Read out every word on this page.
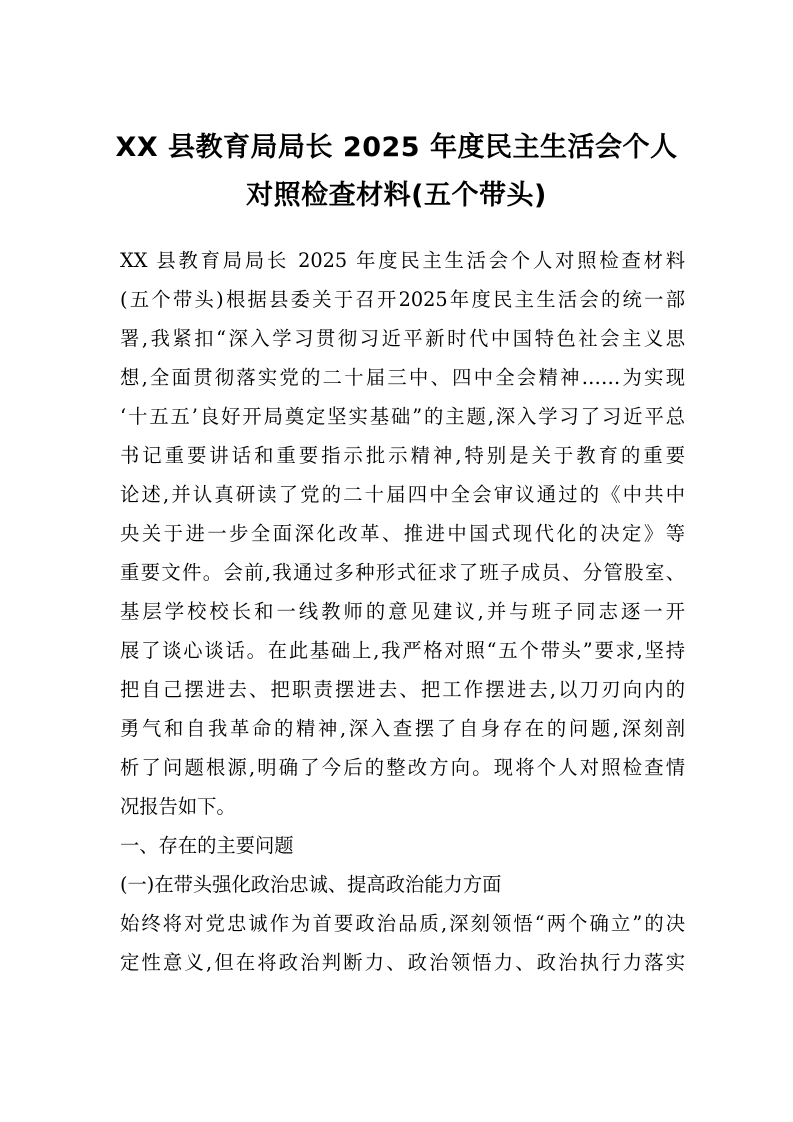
XX 县教育局局长 2025 年度民主生活会个人
对照检查材料(五个带头)
XX 县教育局局长 2025 年度民主生活会个人对照检查材料
(五个带头)根据县委关于召开2025年度民主生活会的统一部
署,我紧扣“深入学习贯彻习近平新时代中国特色社会主义思
想,全面贯彻落实党的二十届三中、四中全会精神……为实现
‘十五五’良好开局奠定坚实基础”的主题,深入学习了习近平总
书记重要讲话和重要指示批示精神,特别是关于教育的重要
论述,并认真研读了党的二十届四中全会审议通过的《中共中
央关于进一步全面深化改革、推进中国式现代化的决定》等
重要文件。会前,我通过多种形式征求了班子成员、分管股室、
基层学校校长和一线教师的意见建议,并与班子同志逐一开
展了谈心谈话。在此基础上,我严格对照“五个带头”要求,坚持
把自己摆进去、把职责摆进去、把工作摆进去,以刀刃向内的
勇气和自我革命的精神,深入查摆了自身存在的问题,深刻剖
析了问题根源,明确了今后的整改方向。现将个人对照检查情
况报告如下。
一、存在的主要问题
(一)在带头强化政治忠诚、提高政治能力方面
始终将对党忠诚作为首要政治品质,深刻领悟“两个确立”的决
定性意义,但在将政治判断力、政治领悟力、政治执行力落实
